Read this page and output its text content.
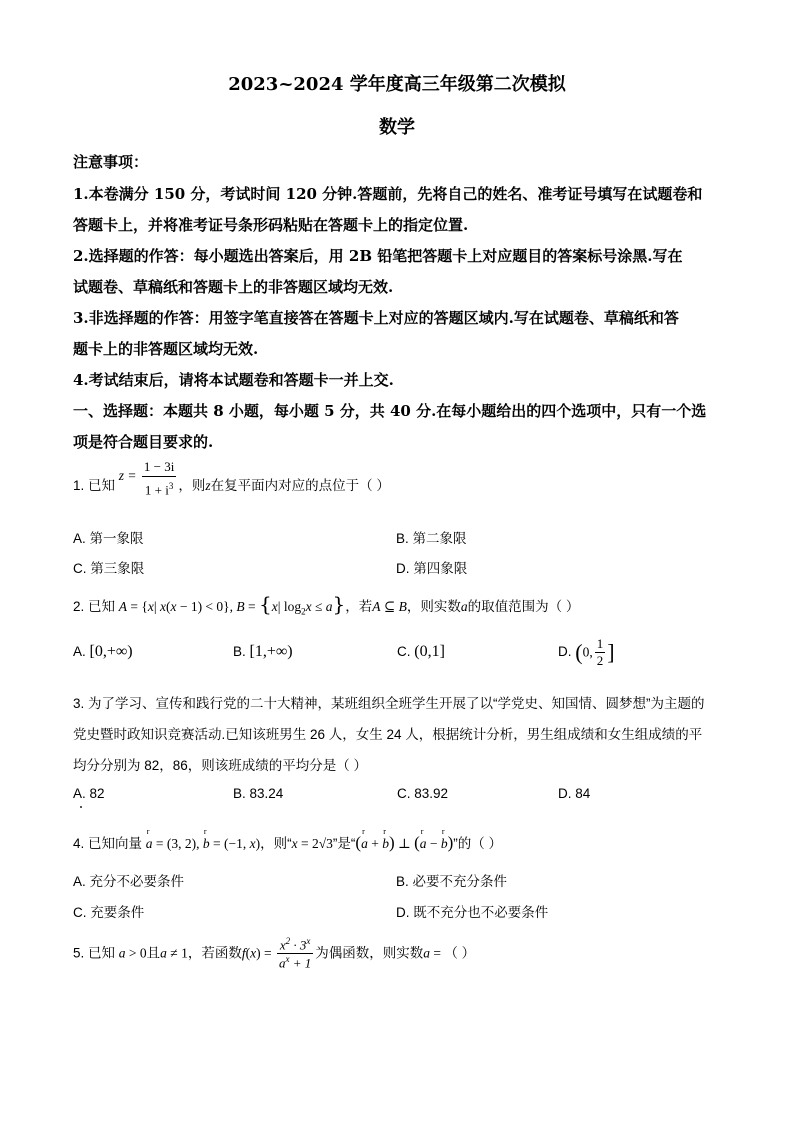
2023~2024 学年度高三年级第二次模拟
数学
注意事项：
1.本卷满分 150 分，考试时间 120 分钟.答题前，先将自己的姓名、准考证号填写在试题卷和
答题卡上，并将准考证号条形码粘贴在答题卡上的指定位置.
2.选择题的作答：每小题选出答案后，用 2B 铅笔把答题卡上对应题目的答案标号涂黑.写在
试题卷、草稿纸和答题卡上的非答题区域均无效.
3.非选择题的作答：用签字笔直接答在答题卡上对应的答题区域内.写在试题卷、草稿纸和答
题卡上的非答题区域均无效.
4.考试结束后，请将本试题卷和答题卡一并上交.
一、选择题：本题共 8 小题，每小题 5 分，共 40 分.在每小题给出的四个选项中，只有一个选
项是符合题目要求的.
1. 已知 $z = \frac{1 - 3i}{1 + i^3}$ ，则z在复平面内对应的点位于（ ）
A. 第一象限	B. 第二象限
C. 第三象限	D. 第四象限
2. 已知 A = {x| x(x − 1) < 0}, B = {x| $\log_2x \le a$}，若A ⊆ B，则实数a的取值范围为（ ）
A. [0,+∞)	B. [1,+∞)	C. (0,1]	D. (0, $\frac{1}{2}$ ]
3. 为了学习、宣传和践行党的二十大精神，某班组织全班学生开展了以“学党史、知国情、圆梦想”为主题的
党史暨时政知识竞赛活动.已知该班男生 26 人，女生 24 人，根据统计分析，男生组成绩和女生组成绩的平
均分分别为 82，86，则该班成绩的平均分是（ ）
A. 82	B. 83.24	C. 83.92	D. 84
4. 已知向量 r a = (3, 2), r b = (−1, x)，则“x = 2√3”是“(r a + r b) ⊥ (r a − r b)”的（ ）
A. 充分不必要条件	B. 必要不充分条件
C. 充要条件	D. 既不充分也不必要条件
5. 已知 a > 0且a ≠ 1，若函数$f(x) = \frac{x^2 \cdot 3^x}{a^x + 1}$ 为偶函数，则实数a = （ ）
